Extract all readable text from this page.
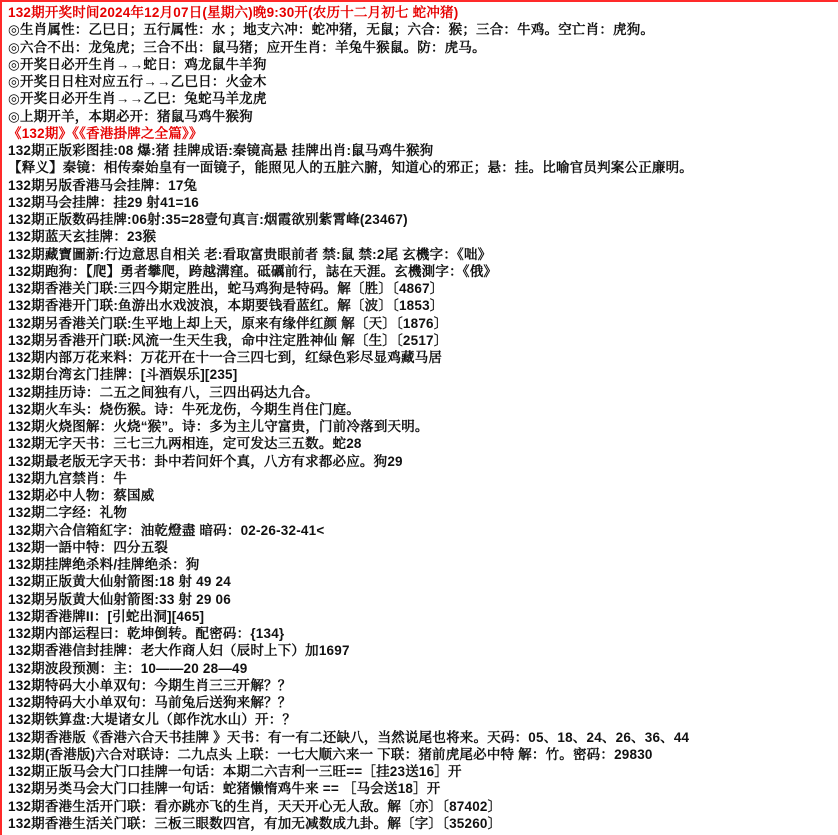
132期开奖时间2024年12月07日(星期六)晚9:30开(农历十二月初七 蛇冲猪)
◎生肖属性：乙巳日；五行属性：水 ；地支六冲：蛇冲猪，无鼠；六合：猴；三合：牛鸡。空亡肖：虎狗。
◎六合不出：龙兔虎；三合不出：鼠马猪；应开生肖：羊兔牛猴鼠。防：虎马。
◎开奖日必开生肖→→蛇日：鸡龙鼠牛羊狗
◎开奖日日柱对应五行→→乙巳日：火金木
◎开奖日必开生肖→→乙巳：兔蛇马羊龙虎
◎上期开羊，本期必开：猪鼠马鸡牛猴狗
《132期》《《香港掛牌之全篇》》
132期正版彩图挂:08 爆:猪 挂牌成语:秦镜高悬 挂牌出肖:鼠马鸡牛猴狗
【释义】秦镜：相传秦始皇有一面镜子，能照见人的五脏六腑，知道心的邪正；悬：挂。比喻官员判案公正廉明。
132期另版香港马会挂牌：17兔
132期马会挂牌：挂29 射41=16
132期正版数码挂牌:06射:35=28壹句真言:烟霞欲别紫霄峰(23467)
132期蓝天玄挂牌：23猴
132期藏寶圖新:行边意思自相关 老:看取富贵眼前者 禁:鼠 禁:2尾 玄機字：《咄》
132期跑狗：【爬】勇者攀爬，跨越溝窪。砥礪前行，誌在天涯。玄機測字：《俄》
132期香港关门联:三四今期定胜出，蛇马鸡狗是特码。解〔胜〕〔4867〕
132期香港开门联:鱼游出水戏波浪，本期要钱看蓝红。解〔波〕〔1853〕
132期另香港关门联:生平地上却上天，原来有缘伴红颜 解〔天〕〔1876〕
132期另香港开门联:风流一生天生我，命中注定胜神仙 解〔生〕〔2517〕
132期内部万花来料：万花开在十一合三四七到，红绿色彩尽显鸡藏马居
132期台湾玄门挂牌：[斗酒娱乐][235]
132期挂历诗：二五之间独有八，三四出码达九合。
132期火车头：烧伤猴。诗：牛死龙伤，今期生肖住门庭。
132期火烧图解：火烧“猴”。诗：多为主儿守富贵，门前冷落到天明。
132期无字天书：三七三九两相连，定可发达三五数。蛇28
132期最老版无字天书：卦中若问奸个真，八方有求都必应。狗29
132期九宫禁肖：牛
132期必中人物：蔡国威
132期二字经：礼物
132期六合信箱紅字：油乾燈盡 暗码：02-26-32-41<
132期一語中特：四分五裂
132期挂牌绝杀料/挂牌绝杀：狗
132期正版黄大仙射箭图:18 射 49 24
132期另版黄大仙射箭图:33 射 29 06
132期香港牌II：[引蛇出洞][465]
132期内部运程曰：乾坤倒转。配密码：{134}
132期香港信封挂牌：老大作商人妇（辰时上下）加1697
132期波段预测：主：10——20 28—49
132期特码大小单双句：今期生肖三三开解？？
132期特码大小单双句：马前兔后送狗来解？？
132期铁算盘:大堤诸女儿（郎作沈水山）开：？
132期香港版《香港六合天书挂牌 》天书：有一有二还缺八，当然说尾也将来。天码：05、18、24、26、36、44
132期(香港版)六合对联诗：二九点头 上联：一七大顺六来一 下联：猪前虎尾必中特 解：竹。密码：29830
132期正版马会大门口挂牌一句话：本期二六吉利一三旺==［挂23送16］开
132期另类马会大门口挂牌一句话：蛇猪懒惰鸡牛来 == ［马会送18］开
132期香港生活开门联：看亦跳亦飞的生肖，天天开心无人敌。解〔亦〕〔87402〕
132期香港生活关门联：三板三眼数四宫，有加无减数成九卦。解〔字〕〔35260〕
